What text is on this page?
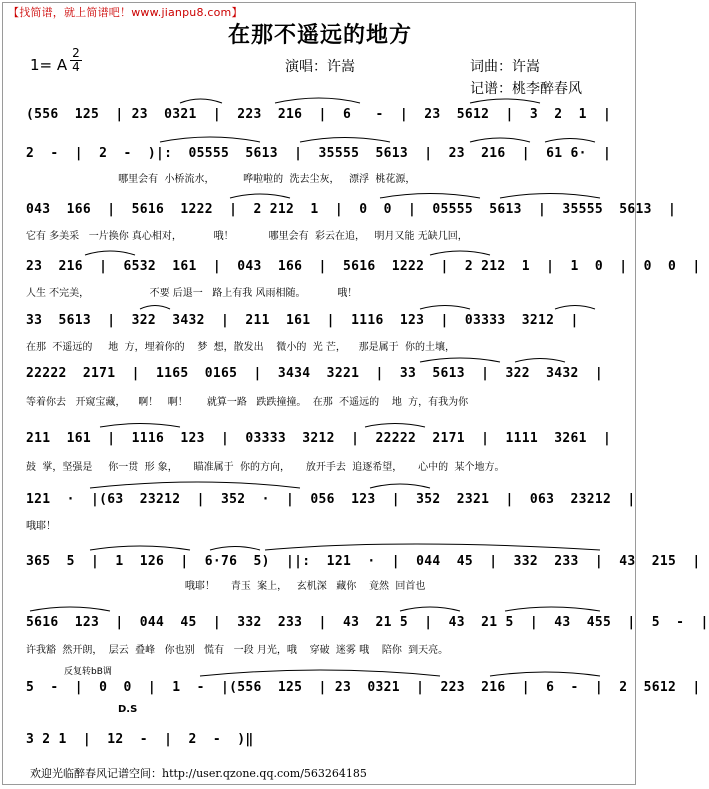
【找简谱，就上简谱吧！www.jianpu8.com】
在那不遥远的地方
1= A
2
4	演唱：许嵩	词曲：许嵩
记谱：桃李醉春风
(556  125  | 23  0321  |  223  216  |  6   -  |  23  5612  |  3  2  1  |
2  -  |  2  -  )|:  05555  5613  |  35555  5613  |  23  216  |  61 6·  |
哪里会有  小桥流水，         哗啦啦的  洗去尘灰，   漂浮  桃花源，
043  166  |  5616  1222  |  2 212  1  |  0  0  |  05555  5613  |  35555  5613  |
它有 多美采   一片换你 真心相对，          哦！           哪里会有  彩云在追，   明月又能 无缺几回，
23  216  |  6532  161  |  043  166  |  5616  1222  |  2 212  1  |  1  0  |  0  0  |
人生 不完美，                   不要 后退一   路上有我 风雨相随。          哦！
33  5613  |  322  3432  |  211  161  |  1116  123  |  03333  3212  |
在那  不遥远的     地  方，埋着你的    梦  想，散发出    微小的  光 芒，    那是属于  你的土壤，
22222  2171  |  1165  0165  |  3434  3221  |  33  5613  |  322  3432  |
等着你去   开窥宝藏，    啊！   啊！      就算一路   跌跌撞撞。  在那  不遥远的    地  方，有我为你
211  161  |  1116  123  |  03333  3212  |  22222  2171  |  1111  3261  |
鼓  掌，坚强是     你一贯  形 象，     瞄准属于  你的方向，     放开手去  追逐希望，     心中的  某个地方。
121  ·  |(63  23212  |  352  ·  |  056  123  |  352  2321  |  063  23212  |
哦耶！
365  5  |  1  126  |  6·76  5)  ||:  121  ·  |  044  45  |  332  233  |  43  215  |
哦耶！     青玉  案上，   玄机深   藏你    竟然  回首也
5616  123  |  044  45  |  332  233  |  43  21 5  |  43  21 5  |  43  455  |  5  -  |
许我豁  然开朗，  层云  叠峰   你也别   慌有   一段 月光，哦    穿破  迷雾 哦    陪你  到天亮。
反复转bB调
5  -  |  0  0  |  1  -  |(556  125  | 23  0321  |  223  216  |  6  -  |  2  5612  |
D.S
3 2 1  |  12  -  |  2  -  )‖
欢迎光临醉春风记谱空间：http://user.qzone.qq.com/563264185
